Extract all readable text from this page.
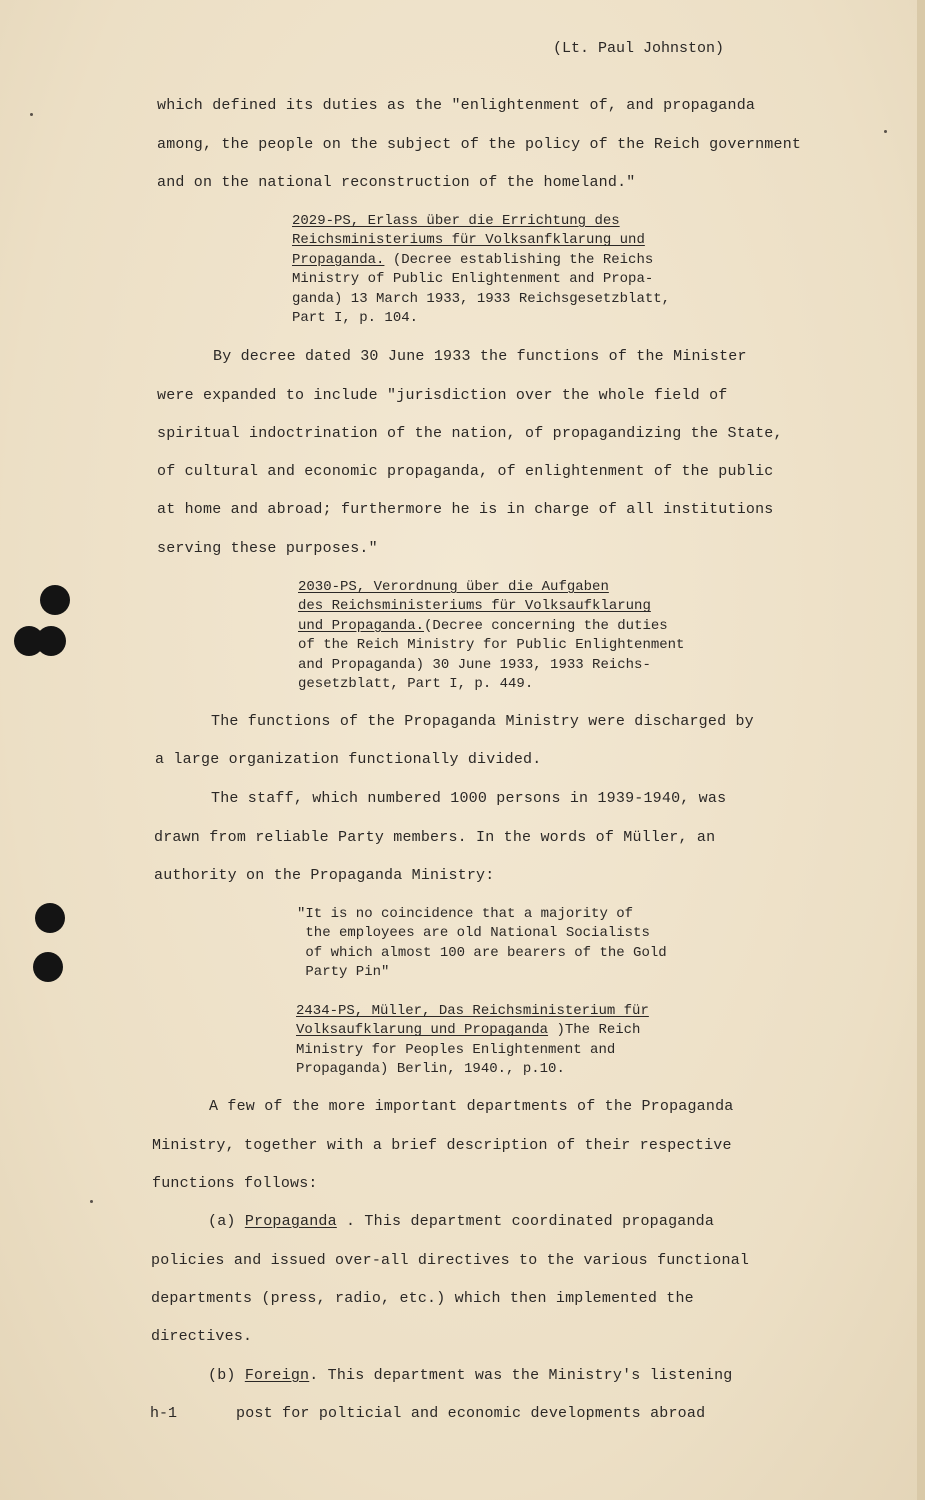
(Lt. Paul Johnston)
which defined its duties as the "enlightenment of, and propaganda
among, the people on the subject of the policy of the Reich government
and on the national reconstruction of the homeland."
2029-PS, Erlass über die Errichtung des
Reichsministeriums für Volksanfklarung und
Propaganda. (Decree establishing the Reichs
Ministry of Public Enlightenment and Propa-
ganda) 13 March 1933, 1933 Reichsgesetzblatt,
Part I, p. 104.
By decree dated 30 June 1933 the functions of the Minister
were expanded to include "jurisdiction over the whole field of
spiritual indoctrination of the nation, of propagandizing the State,
of cultural and economic propaganda, of enlightenment of the public
at home and abroad; furthermore he is in charge of all institutions
serving these purposes."
2030-PS, Verordnung über die Aufgaben
des Reichsministeriums für Volksaufklarung
und Propaganda.(Decree concerning the duties
of the Reich Ministry for Public Enlightenment
and Propaganda) 30 June 1933, 1933 Reichs-
gesetzblatt, Part I, p. 449.
The functions of the Propaganda Ministry were discharged by
a large organization functionally divided.
The staff, which numbered 1000 persons in 1939-1940, was
drawn from reliable Party members. In the words of Müller, an
authority on the Propaganda Ministry:
"It is no coincidence that a majority of
the employees are old National Socialists
of which almost 100 are bearers of the Gold
Party Pin"
2434-PS, Müller, Das Reichsministerium für
Volksaufklarung und Propaganda )The Reich
Ministry for Peoples Enlightenment and
Propaganda) Berlin, 1940., p.10.
A few of the more important departments of the Propaganda
Ministry, together with a brief description of their respective
functions follows:
(a) Propaganda . This department coordinated propaganda
policies and issued over-all directives to the various functional
departments (press, radio, etc.) which then implemented the
directives.
(b) Foreign. This department was the Ministry's listening
h-1	post for polticial and economic developments abroad
